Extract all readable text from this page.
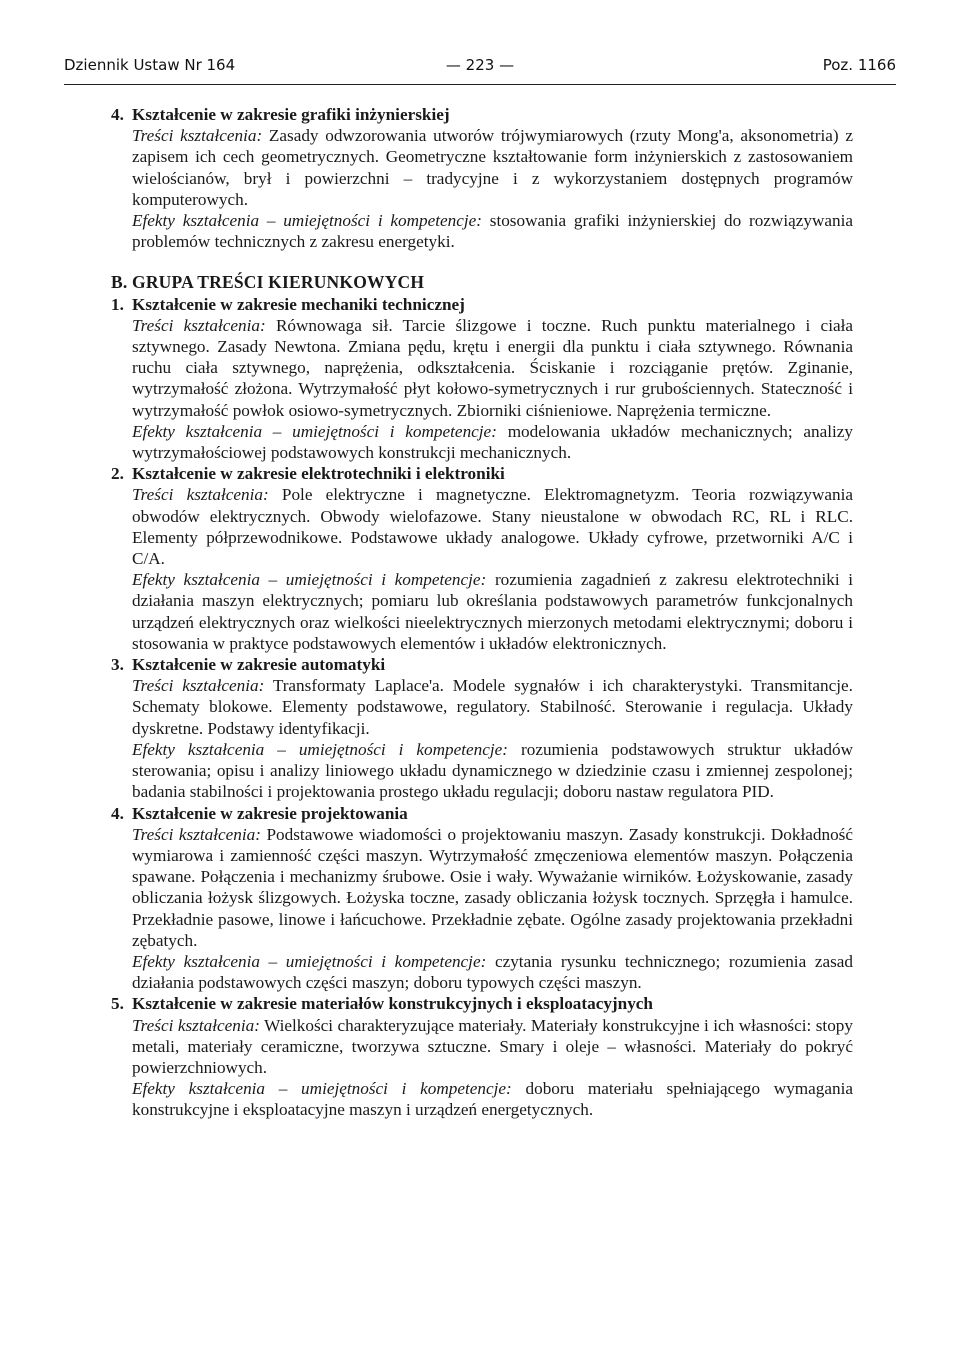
Dziennik Ustaw Nr 164	— 223 —	Poz. 1166

4. Kształcenie w zakresie grafiki inżynierskiej

Treści kształcenia: Zasady odwzorowania utworów trójwymiarowych (rzuty Mong'a, aksonometria) z zapisem ich cech geometrycznych. Geometryczne kształtowanie form inżynierskich z zastosowaniem wielościanów, brył i powierzchni – tradycyjne i z wykorzystaniem dostępnych programów komputerowych.

Efekty kształcenia – umiejętności i kompetencje: stosowania grafiki inżynierskiej do rozwiązywania problemów technicznych z zakresu energetyki.

B. GRUPA TREŚCI KIERUNKOWYCH

1. Kształcenie w zakresie mechaniki technicznej

Treści kształcenia: Równowaga sił. Tarcie ślizgowe i toczne. Ruch punktu materialnego i ciała sztywnego. Zasady Newtona. Zmiana pędu, krętu i energii dla punktu i ciała sztywnego. Równania ruchu ciała sztywnego, naprężenia, odkształcenia. Ściskanie i rozciąganie prętów. Zginanie, wytrzymałość złożona. Wytrzymałość płyt kołowo-symetrycznych i rur grubościennych. Stateczność i wytrzymałość powłok osiowo-symetrycznych. Zbiorniki ciśnieniowe. Naprężenia termiczne.

Efekty kształcenia – umiejętności i kompetencje: modelowania układów mechanicznych; analizy wytrzymałościowej podstawowych konstrukcji mechanicznych.

2. Kształcenie w zakresie elektrotechniki i elektroniki

Treści kształcenia: Pole elektryczne i magnetyczne. Elektromagnetyzm. Teoria rozwiązywania obwodów elektrycznych. Obwody wielofazowe. Stany nieustalone w obwodach RC, RL i RLC. Elementy półprzewodnikowe. Podstawowe układy analogowe. Układy cyfrowe, przetworniki A/C i C/A.

Efekty kształcenia – umiejętności i kompetencje: rozumienia zagadnień z zakresu elektrotechniki i działania maszyn elektrycznych; pomiaru lub określania podstawowych parametrów funkcjonalnych urządzeń elektrycznych oraz wielkości nieelektrycznych mierzonych metodami elektrycznymi; doboru i stosowania w praktyce podstawowych elementów i układów elektronicznych.

3. Kształcenie w zakresie automatyki

Treści kształcenia: Transformaty Laplace'a. Modele sygnałów i ich charakterystyki. Transmitancje. Schematy blokowe. Elementy podstawowe, regulatory. Stabilność. Sterowanie i regulacja. Układy dyskretne. Podstawy identyfikacji.

Efekty kształcenia – umiejętności i kompetencje: rozumienia podstawowych struktur układów sterowania; opisu i analizy liniowego układu dynamicznego w dziedzinie czasu i zmiennej zespolonej; badania stabilności i projektowania prostego układu regulacji; doboru nastaw regulatora PID.

4. Kształcenie w zakresie projektowania

Treści kształcenia: Podstawowe wiadomości o projektowaniu maszyn. Zasady konstrukcji. Dokładność wymiarowa i zamienność części maszyn. Wytrzymałość zmęczeniowa elementów maszyn. Połączenia spawane. Połączenia i mechanizmy śrubowe. Osie i wały. Wyważanie wirników. Łożyskowanie, zasady obliczania łożysk ślizgowych. Łożyska toczne, zasady obliczania łożysk tocznych. Sprzęgła i hamulce. Przekładnie pasowe, linowe i łańcuchowe. Przekładnie zębate. Ogólne zasady projektowania przekładni zębatych.

Efekty kształcenia – umiejętności i kompetencje: czytania rysunku technicznego; rozumienia zasad działania podstawowych części maszyn; doboru typowych części maszyn.

5. Kształcenie w zakresie materiałów konstrukcyjnych i eksploatacyjnych

Treści kształcenia: Wielkości charakteryzujące materiały. Materiały konstrukcyjne i ich własności: stopy metali, materiały ceramiczne, tworzywa sztuczne. Smary i oleje – własności. Materiały do pokryć powierzchniowych.

Efekty kształcenia – umiejętności i kompetencje: doboru materiału spełniającego wymagania konstrukcyjne i eksploatacyjne maszyn i urządzeń energetycznych.
